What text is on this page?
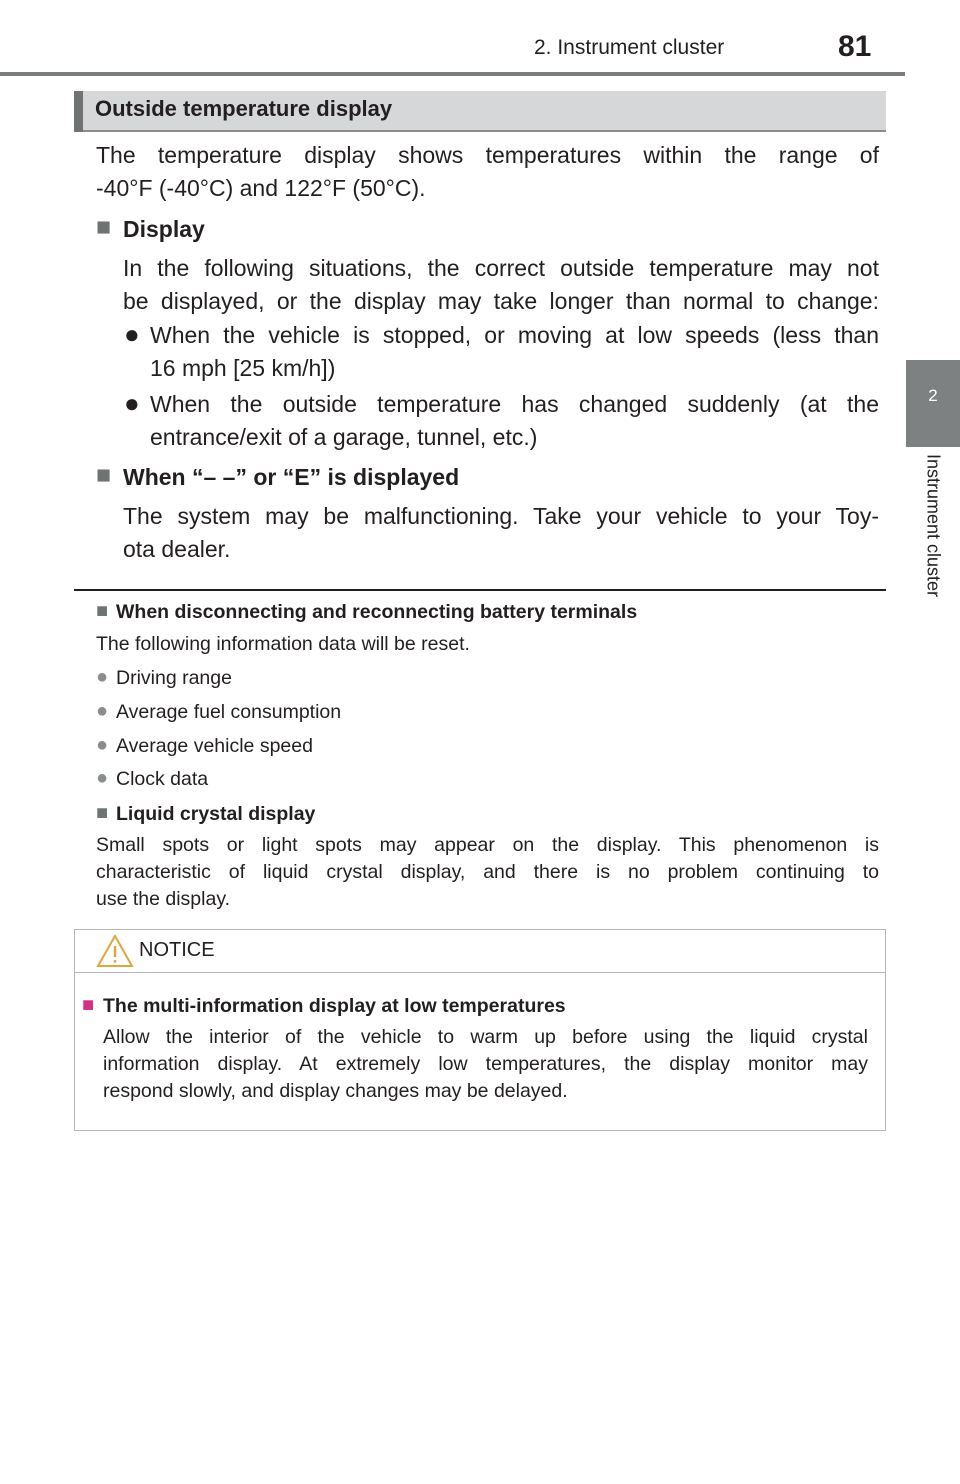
2. Instrument cluster	81
2
Instrument cluster
Outside temperature display
The temperature display shows temperatures within the range of
-40°F (-40°C) and 122°F (50°C).
■ Display
In the following situations, the correct outside temperature may not
be displayed, or the display may take longer than normal to change:
● When the vehicle is stopped, or moving at low speeds (less than
16 mph [25 km/h])
● When the outside temperature has changed suddenly (at the
entrance/exit of a garage, tunnel, etc.)
■ When “– –” or “E” is displayed
The system may be malfunctioning. Take your vehicle to your Toy-
ota dealer.
■ When disconnecting and reconnecting battery terminals
The following information data will be reset.
● Driving range
● Average fuel consumption
● Average vehicle speed
● Clock data
■ Liquid crystal display
Small spots or light spots may appear on the display. This phenomenon is
characteristic of liquid crystal display, and there is no problem continuing to
use the display.
NOTICE
■ The multi-information display at low temperatures
Allow the interior of the vehicle to warm up before using the liquid crystal
information display. At extremely low temperatures, the display monitor may
respond slowly, and display changes may be delayed.
